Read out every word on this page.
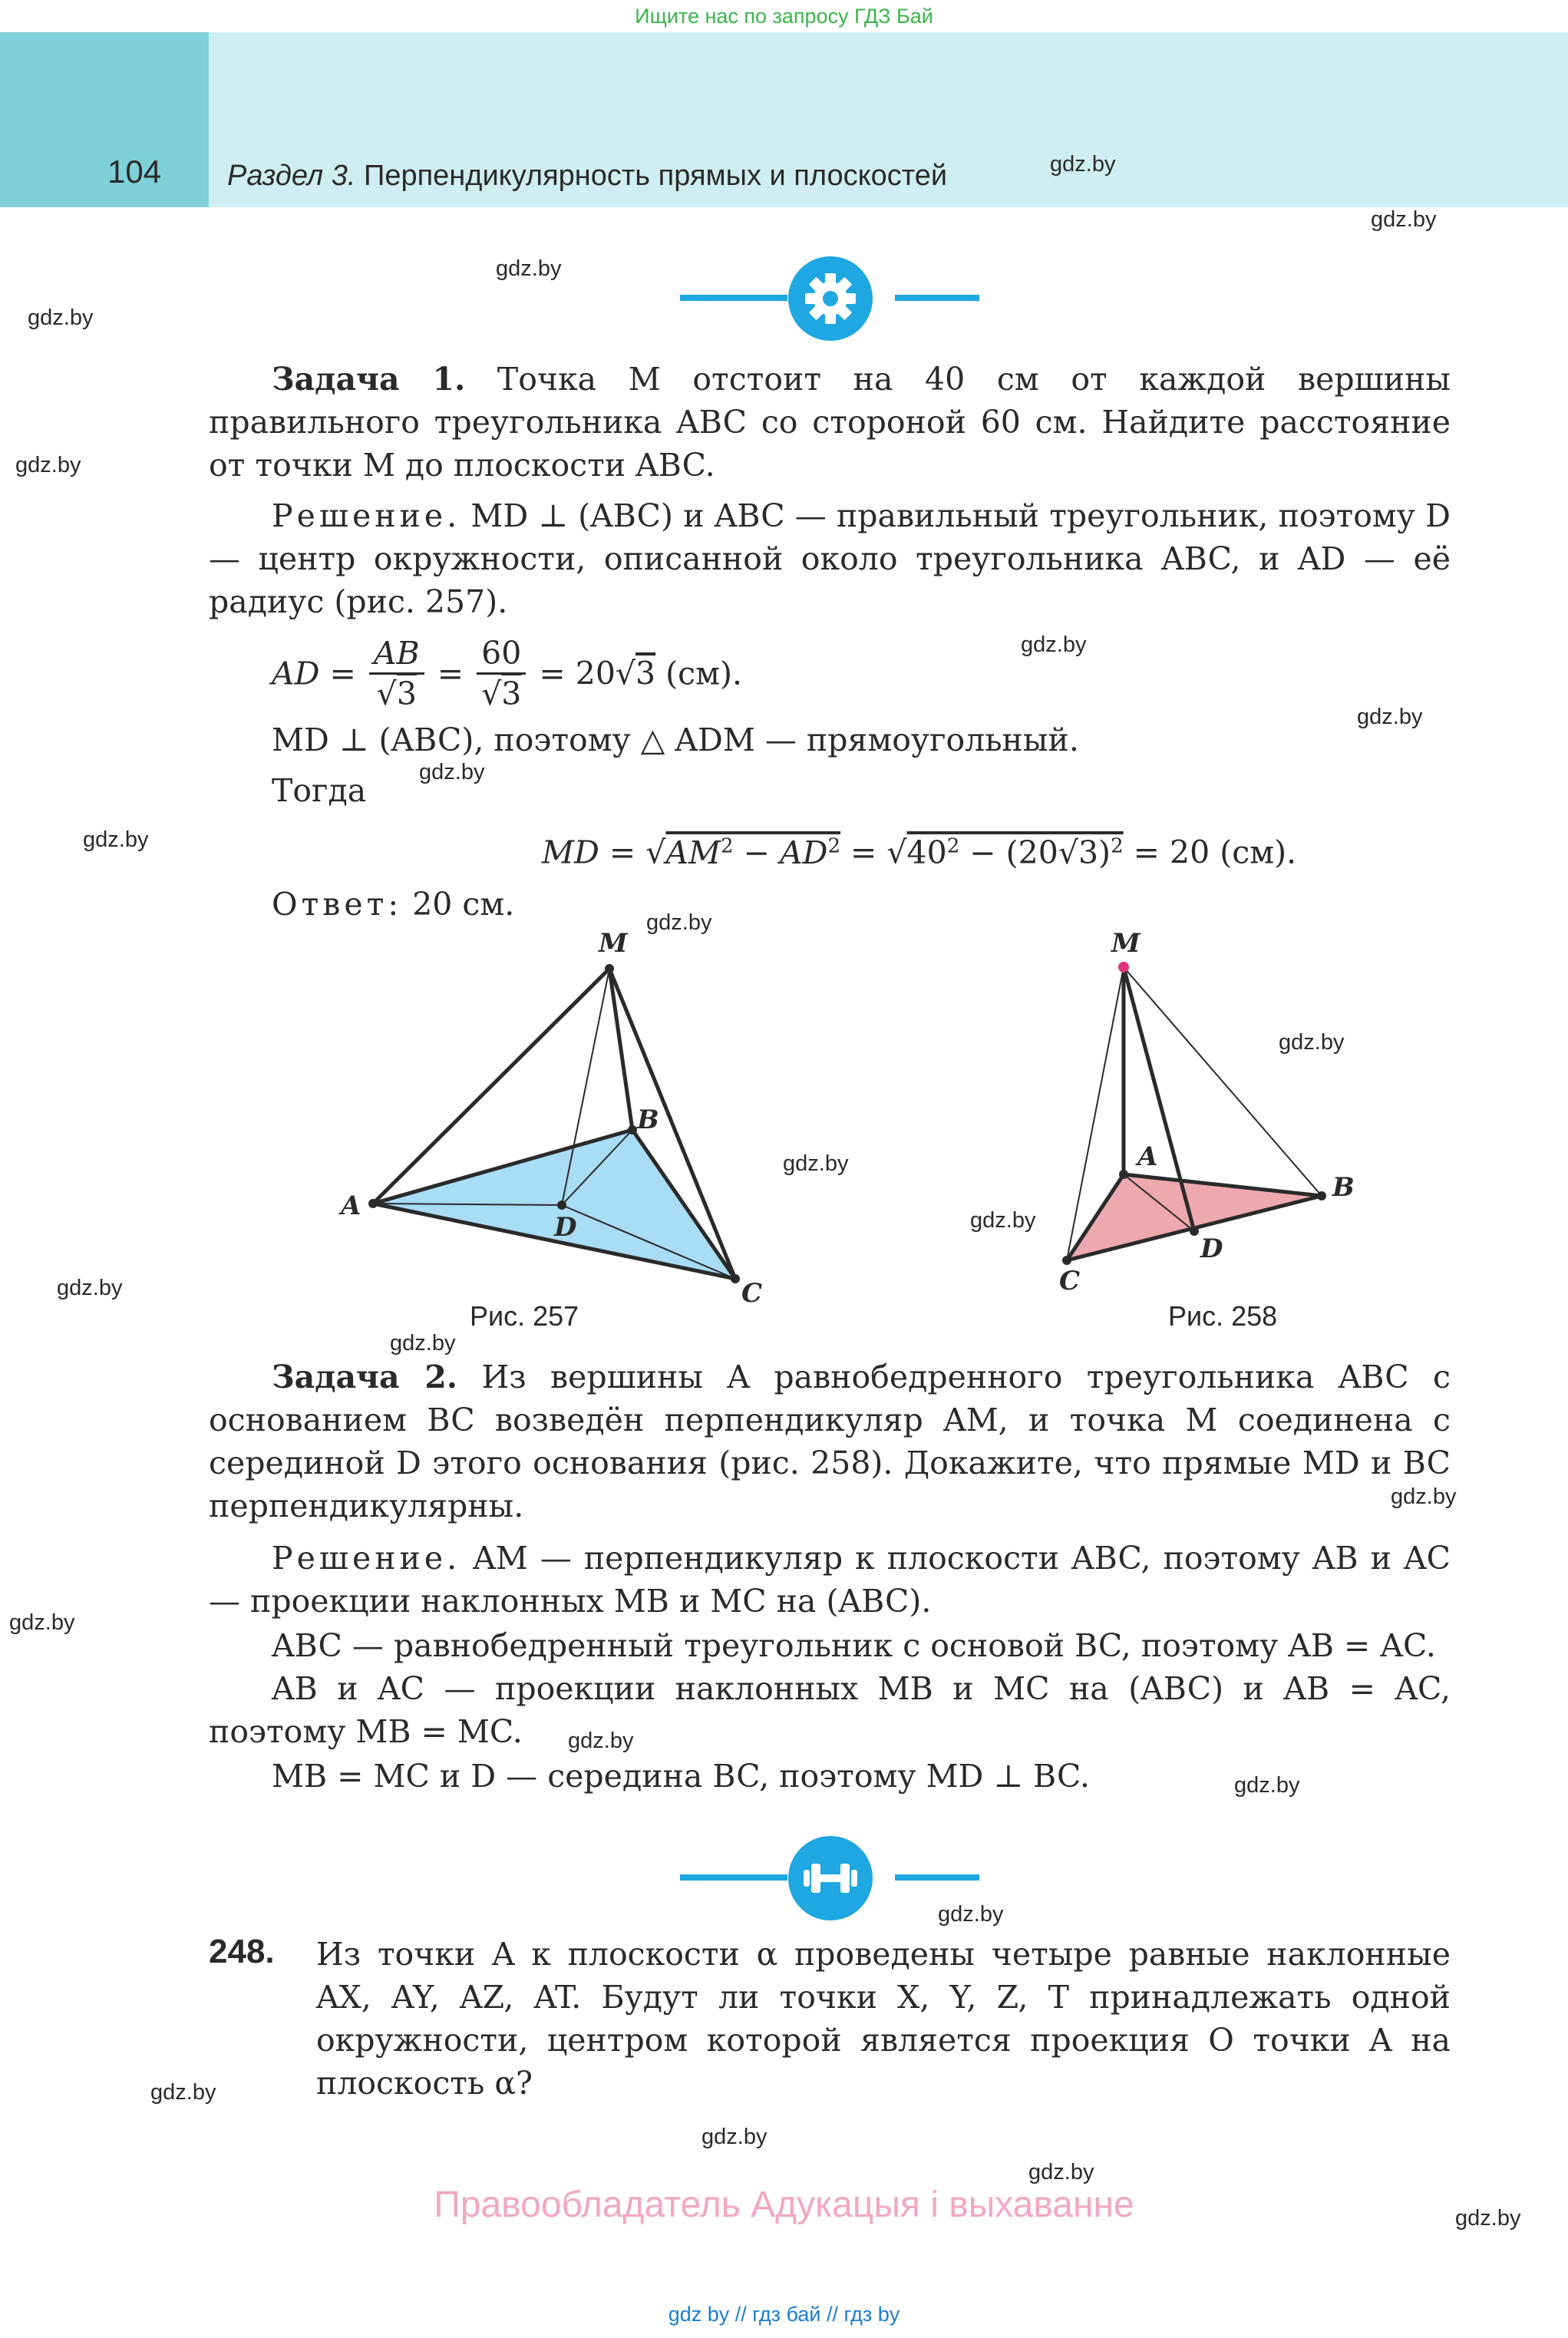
Ищите нас по запросу ГДЗ Бай
104 Раздел 3. Перпендикулярность прямых и плоскостей	gdz.by
gdz.by
gdz.by
gdz.by
gdz.by
gdz.by
gdz.by
gdz.by
gdz.by
gdz.by
gdz.by
gdz.by
gdz.by
gdz.by
gdz.by
gdz.by
gdz.by
gdz.by
gdz.by
gdz.by
gdz.by
gdz.by
gdz.by
gdz.by
Задача 1. Точка M отстоит на 40 см от каждой вершины правильного треугольника ABC со стороной 60 см. Найдите расстояние от точки M до плоскости ABC.
Решение. MD ⊥ (ABC) и ABC — правильный треугольник, поэтому D — центр окружности, описанной около треугольника ABC, и AD — её радиус (рис. 257).
AD = $\frac{AB}{√3} = \frac{60}{√3} = 20√3$ (см).
MD ⊥ (ABC), поэтому △ ADM — прямоугольный.
Тогда
MD = $√AM^2 - AD^2 = √40^2 - (20√3)^2 = 20$ (см).
Ответ: 20 см.
M
A
B
C
D
Рис. 257
M
A
B
C
D
Рис. 258
Задача 2. Из вершины A равнобедренного треугольника ABC с основанием BC возведён перпендикуляр AM, и точка M соединена с серединой D этого основания (рис. 258). Докажите, что прямые MD и BC перпендикулярны.
Решение. AM — перпендикуляр к плоскости ABC, поэтому AB и AC — проекции наклонных MB и MC на (ABC).
ABC — равнобедренный треугольник с основой BC, поэтому AB = AC.
AB и AC — проекции наклонных MB и MC на (ABC) и AB = AC, поэтому MB = MC.
MB = MC и D — середина BC, поэтому MD ⊥ BC.
248. Из точки A к плоскости α проведены четыре равные наклонные AX, AY, AZ, AT. Будут ли точки X, Y, Z, T принадлежать одной окружности, центром которой является проекция O точки A на плоскость α?
Правообладатель Адукацыя і выхаванне
gdz by // гдз бай // гдз by
